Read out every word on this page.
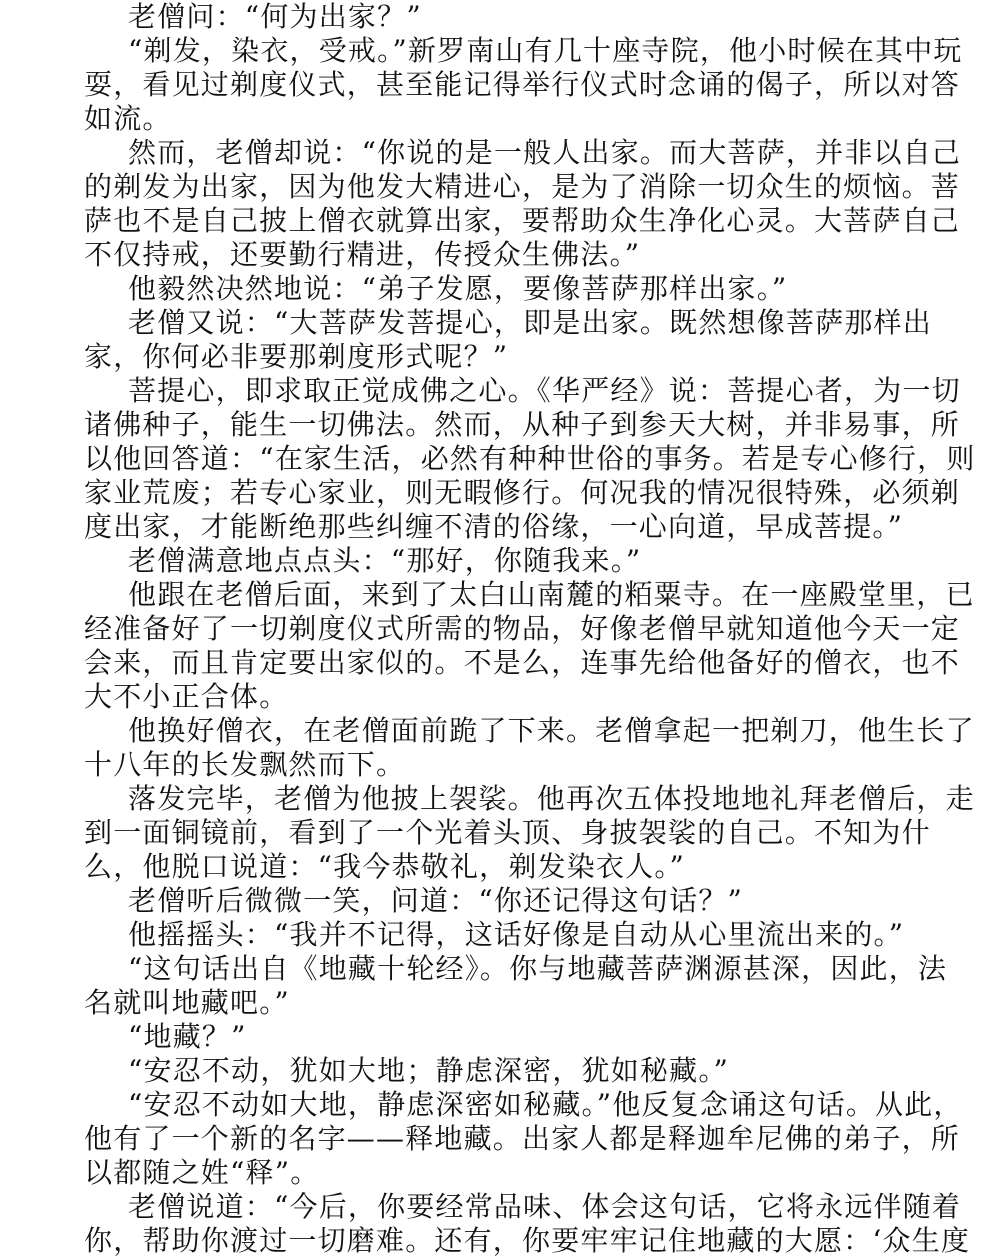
老僧问：“何为出家？”
“剃发，染衣，受戒。”新罗南山有几十座寺院，他小时候在其中玩
耍，看见过剃度仪式，甚至能记得举行仪式时念诵的偈子，所以对答
如流。
然而，老僧却说：“你说的是一般人出家。而大菩萨，并非以自己
的剃发为出家，因为他发大精进心，是为了消除一切众生的烦恼。菩
萨也不是自己披上僧衣就算出家，要帮助众生净化心灵。大菩萨自己
不仅持戒，还要勤行精进，传授众生佛法。”
他毅然决然地说：“弟子发愿，要像菩萨那样出家。”
老僧又说：“大菩萨发菩提心，即是出家。既然想像菩萨那样出
家，你何必非要那剃度形式呢？”
菩提心，即求取正觉成佛之心。《华严经》说：菩提心者，为一切
诸佛种子，能生一切佛法。然而，从种子到参天大树，并非易事，所
以他回答道：“在家生活，必然有种种世俗的事务。若是专心修行，则
家业荒废；若专心家业，则无暇修行。何况我的情况很特殊，必须剃
度出家，才能断绝那些纠缠不清的俗缘，一心向道，早成菩提。”
老僧满意地点点头：“那好，你随我来。”
他跟在老僧后面，来到了太白山南麓的粨粟寺。在一座殿堂里，已
经准备好了一切剃度仪式所需的物品，好像老僧早就知道他今天一定
会来，而且肯定要出家似的。不是么，连事先给他备好的僧衣，也不
大不小正合体。
他换好僧衣，在老僧面前跪了下来。老僧拿起一把剃刀，他生长了
十八年的长发飘然而下。
落发完毕，老僧为他披上袈裟。他再次五体投地地礼拜老僧后，走
到一面铜镜前，看到了一个光着头顶、身披袈裟的自己。不知为什
么，他脱口说道：“我今恭敬礼，剃发染衣人。”
老僧听后微微一笑，问道：“你还记得这句话？”
他摇摇头：“我并不记得，这话好像是自动从心里流出来的。”
“这句话出自《地藏十轮经》。你与地藏菩萨渊源甚深，因此，法
名就叫地藏吧。”
“地藏？”
“安忍不动，犹如大地；静虑深密，犹如秘藏。”
“安忍不动如大地，静虑深密如秘藏。”他反复念诵这句话。从此，
他有了一个新的名字——释地藏。出家人都是释迦牟尼佛的弟子，所
以都随之姓“释”。
老僧说道：“今后，你要经常品味、体会这句话，它将永远伴随着
你，帮助你渡过一切磨难。还有，你要牢牢记住地藏的大愿：‘众生度
